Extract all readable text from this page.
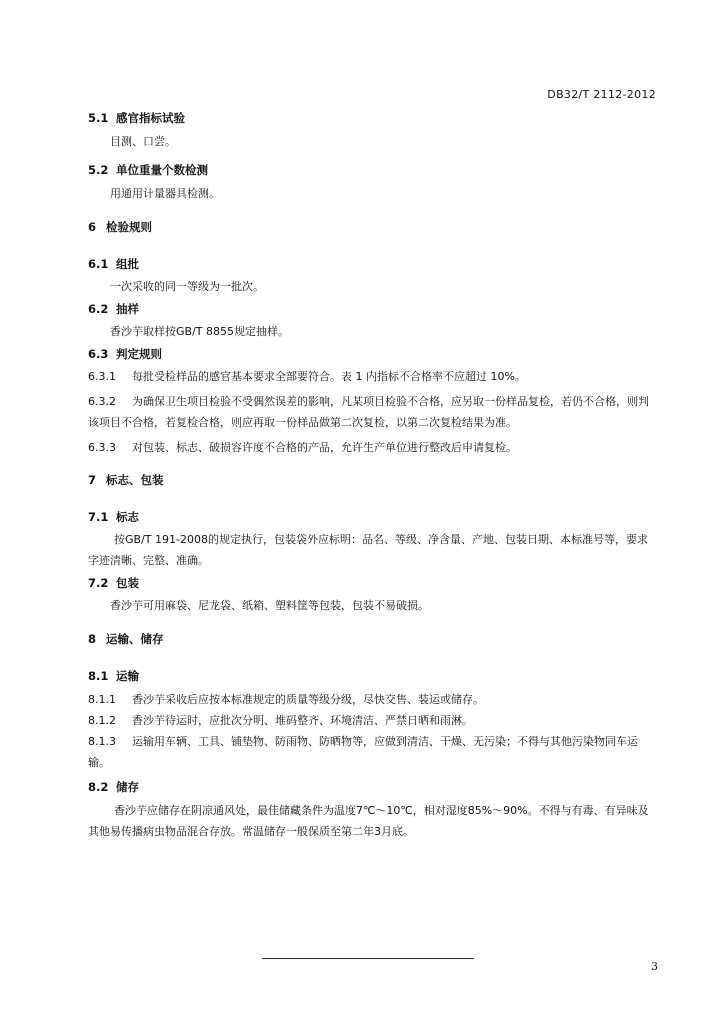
DB32/T 2112-2012

5.1 感官指标试验

目测、口尝。

5.2 单位重量个数检测

用通用计量器具检测。

6 检验规则

6.1 组批

一次采收的同一等级为一批次。

6.2 抽样

香沙芋取样按GB/T 8855规定抽样。

6.3 判定规则

6.3.1 每批受检样品的感官基本要求全部要符合。表 1 内指标不合格率不应超过 10%。

6.3.2 为确保卫生项目检验不受偶然误差的影响，凡某项目检验不合格，应另取一份样品复检，若仍不合格，则判该项目不合格，若复检合格，则应再取一份样品做第二次复检，以第二次复检结果为准。

6.3.3 对包装、标志、破损容许度不合格的产品，允许生产单位进行整改后申请复检。

7 标志、包装

7.1 标志

按GB/T 191-2008的规定执行，包装袋外应标明：品名、等级、净含量、产地、包装日期、本标准号等，要求字迹清晰、完整、准确。

7.2 包装

香沙芋可用麻袋、尼龙袋、纸箱、塑料筐等包装，包装不易破损。

8 运输、储存

8.1 运输

8.1.1 香沙芋采收后应按本标准规定的质量等级分级，尽快交售、装运或储存。

8.1.2 香沙芋待运时，应批次分明、堆码整齐、环境清洁、严禁日晒和雨淋。

8.1.3 运输用车辆、工具、铺垫物、防雨物、防晒物等，应做到清洁、干燥、无污染；不得与其他污染物同车运输。

8.2 储存

香沙芋应储存在阴凉通风处，最佳储藏条件为温度7℃～10℃，相对湿度85%～90%。不得与有毒、有异味及其他易传播病虫物品混合存放。常温储存一般保质至第二年3月底。

3
